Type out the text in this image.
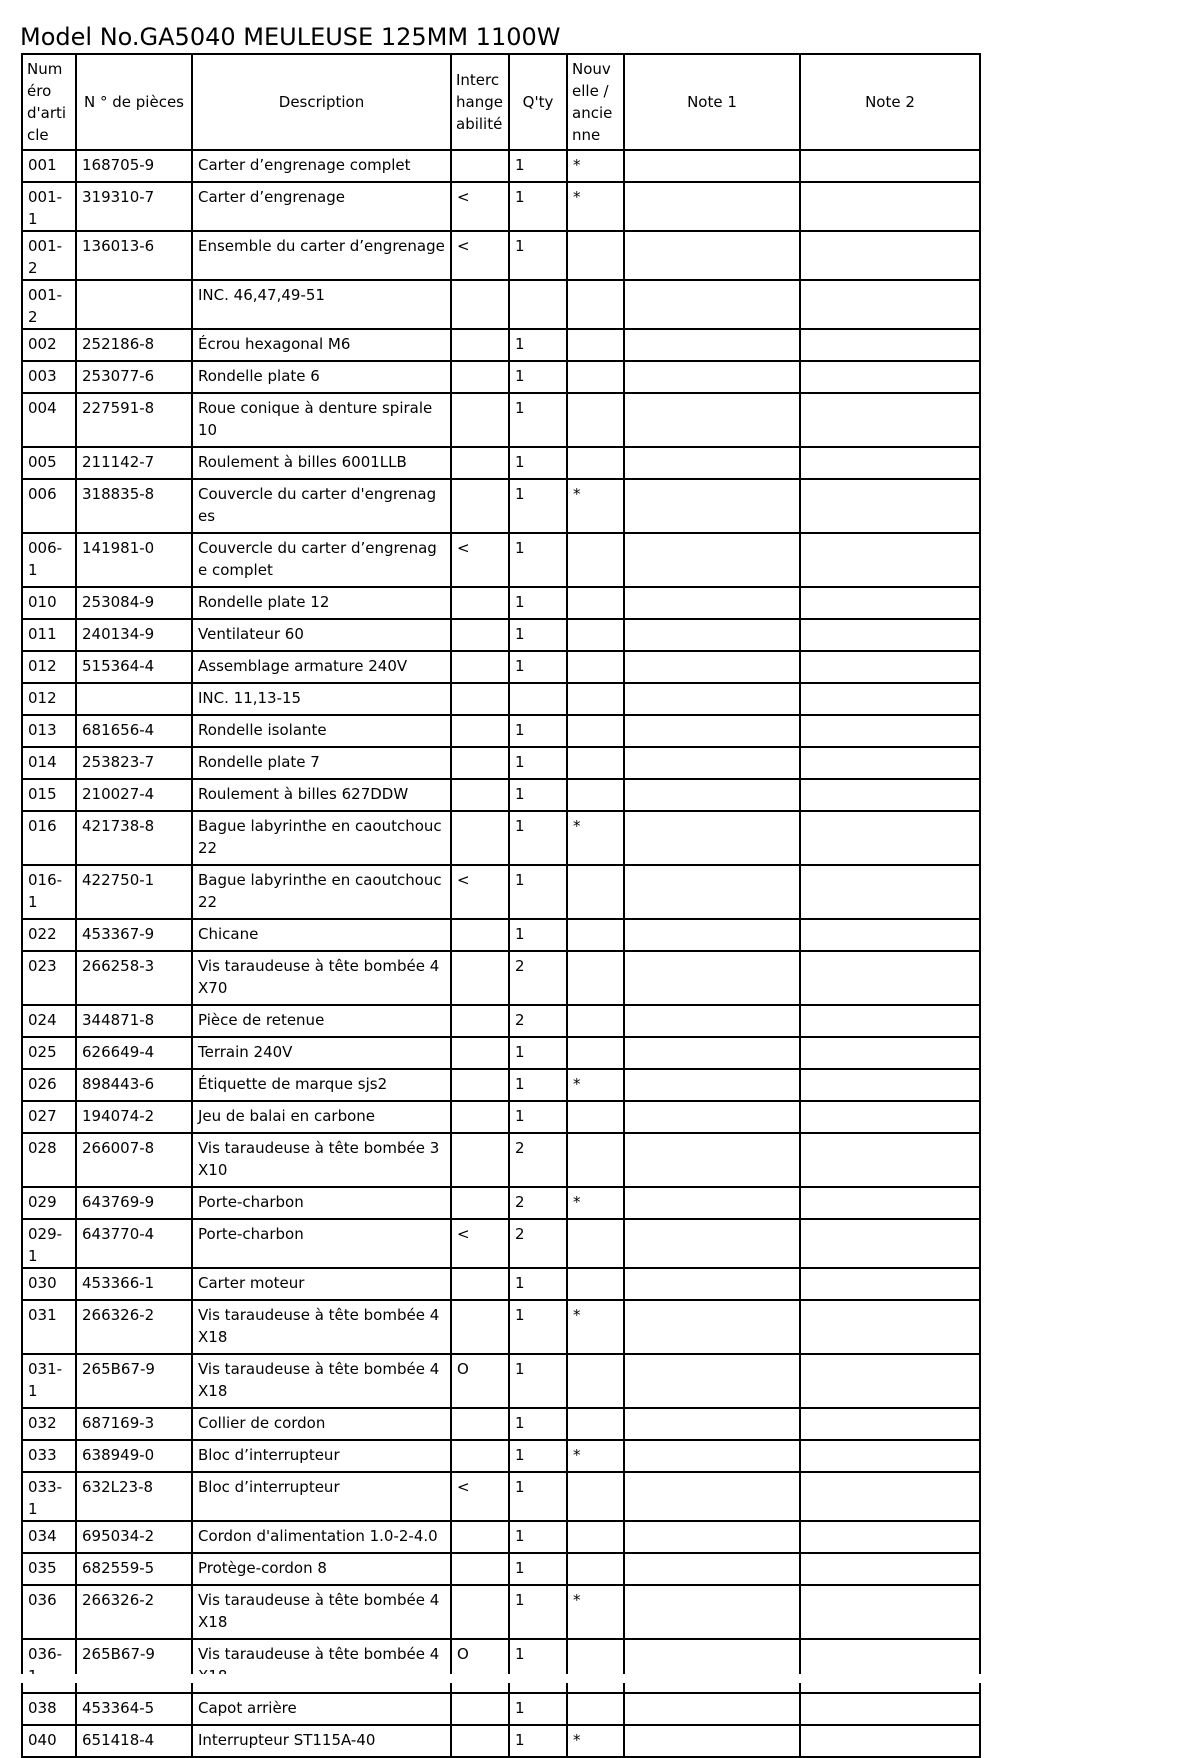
Model No.GA5040 MEULEUSE 125MM 1100W
Numéro d'article	N ° de pièces	Description	Interchangeabilité	Q'ty	Nouvelle / ancienne	Note 1	Note 2
001	168705-9	Carter d’engrenage complet		1	*		
001-1	319310-7	Carter d’engrenage	<	1	*		
001-2	136013-6	Ensemble du carter d’engrenage	<	1			
001-2		INC. 46,47,49-51					
002	252186-8	Écrou hexagonal M6		1			
003	253077-6	Rondelle plate 6		1			
004	227591-8	Roue conique à denture spirale 10		1			
005	211142-7	Roulement à billes 6001LLB		1			
006	318835-8	Couvercle du carter d'engrenages		1	*		
006-1	141981-0	Couvercle du carter d’engrenage complet	<	1			
010	253084-9	Rondelle plate 12		1			
011	240134-9	Ventilateur 60		1			
012	515364-4	Assemblage armature 240V		1			
012		INC. 11,13-15					
013	681656-4	Rondelle isolante		1			
014	253823-7	Rondelle plate 7		1			
015	210027-4	Roulement à billes 627DDW		1			
016	421738-8	Bague labyrinthe en caoutchouc 22		1	*		
016-1	422750-1	Bague labyrinthe en caoutchouc 22	<	1			
022	453367-9	Chicane		1			
023	266258-3	Vis taraudeuse à tête bombée 4X70		2			
024	344871-8	Pièce de retenue		2			
025	626649-4	Terrain 240V		1			
026	898443-6	Étiquette de marque sjs2		1	*		
027	194074-2	Jeu de balai en carbone		1			
028	266007-8	Vis taraudeuse à tête bombée 3X10		2			
029	643769-9	Porte-charbon		2	*		
029-1	643770-4	Porte-charbon	<	2			
030	453366-1	Carter moteur		1			
031	266326-2	Vis taraudeuse à tête bombée 4X18		1	*		
031-1	265B67-9	Vis taraudeuse à tête bombée 4X18	O	1			
032	687169-3	Collier de cordon		1			
033	638949-0	Bloc d’interrupteur		1	*		
033-1	632L23-8	Bloc d’interrupteur	<	1			
034	695034-2	Cordon d'alimentation 1.0-2-4.0		1			
035	682559-5	Protège-cordon 8		1			
036	266326-2	Vis taraudeuse à tête bombée 4X18		1	*		
036-	265B67-9	Vis taraudeuse à tête bombée 4	O	1			
038	453364-5	Capot arrière		1			
040	651418-4	Interrupteur ST115A-40		1	*		
